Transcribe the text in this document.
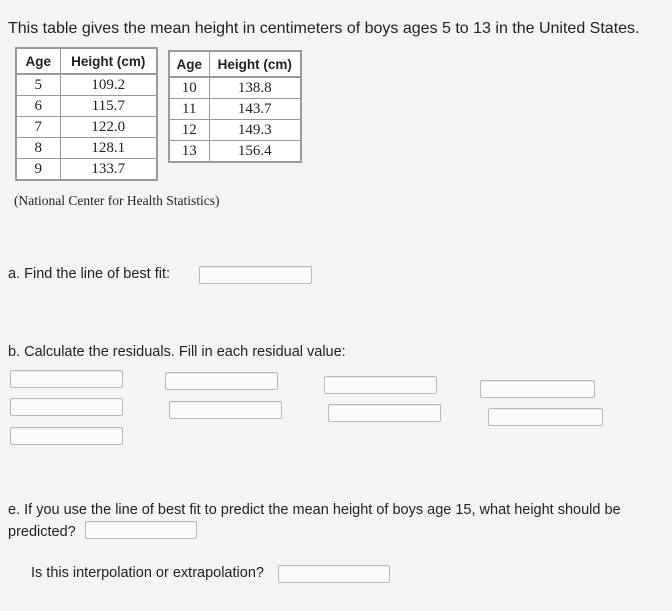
This table gives the mean height in centimeters of boys ages 5 to 13 in the United States.
Age	Height (cm)
5	109.2
6	115.7
7	122.0
8	128.1
9	133.7
Age	Height (cm)
10	138.8
11	143.7
12	149.3
13	156.4
(National Center for Health Statistics)
a. Find the line of best fit:
b. Calculate the residuals. Fill in each residual value:
e. If you use the line of best fit to predict the mean height of boys age 15, what height should be
predicted?
Is this interpolation or extrapolation?
